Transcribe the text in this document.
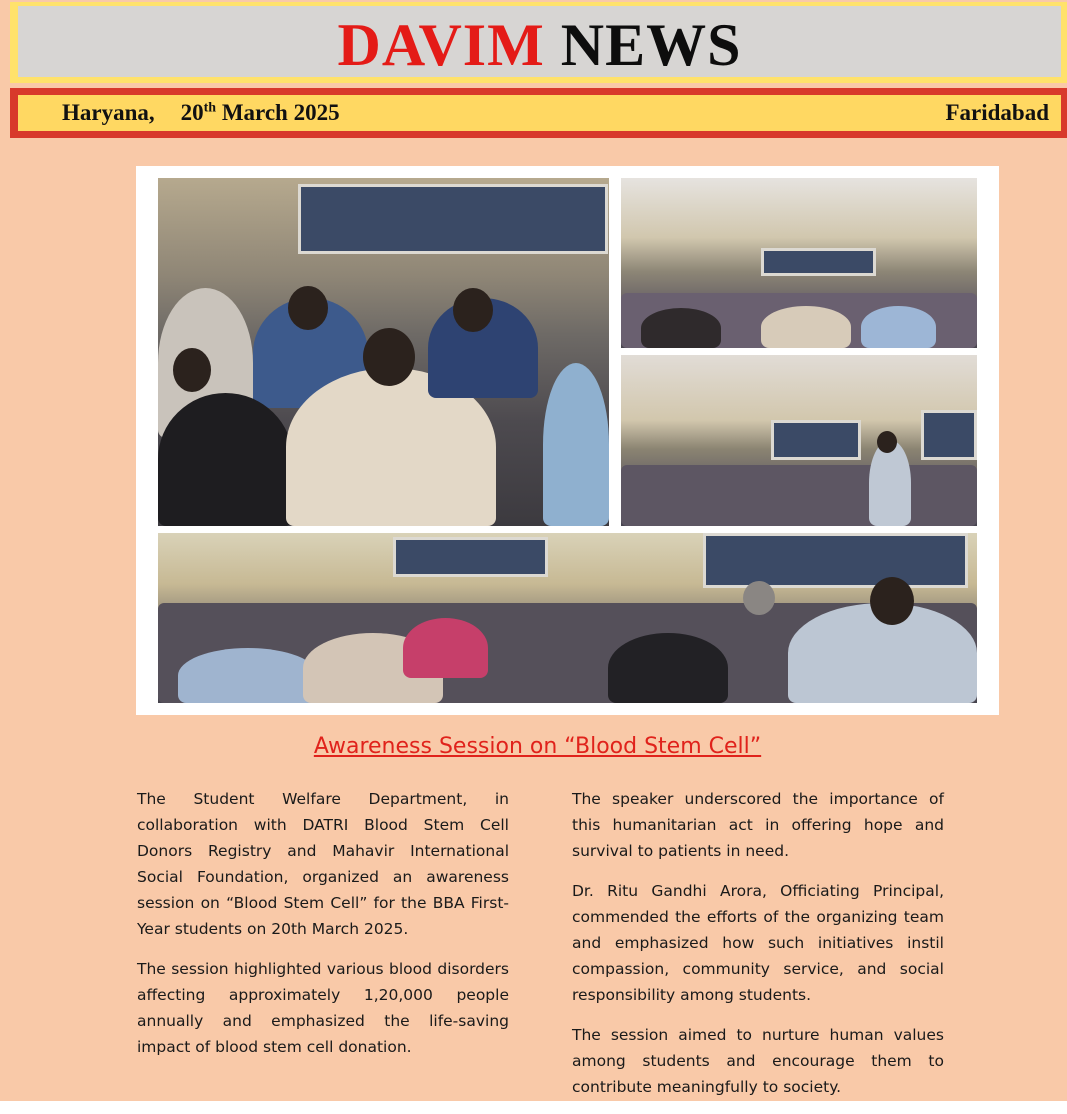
DAVIM NEWS
Haryana, 20th March 2025	Faridabad
Awareness Session on “Blood Stem Cell”

The Student Welfare Department, in collaboration with DATRI Blood Stem Cell Donors Registry and Mahavir International Social Foundation, organized an awareness session on “Blood Stem Cell” for the BBA First-Year students on 20th March 2025.

The session highlighted various blood disorders affecting approximately 1,20,000 people annually and emphasized the life-saving impact of blood stem cell donation.

The speaker underscored the importance of this humanitarian act in offering hope and survival to patients in need.

Dr. Ritu Gandhi Arora, Officiating Principal, commended the efforts of the organizing team and emphasized how such initiatives instil compassion, community service, and social responsibility among students.

The session aimed to nurture human values among students and encourage them to contribute meaningfully to society.
